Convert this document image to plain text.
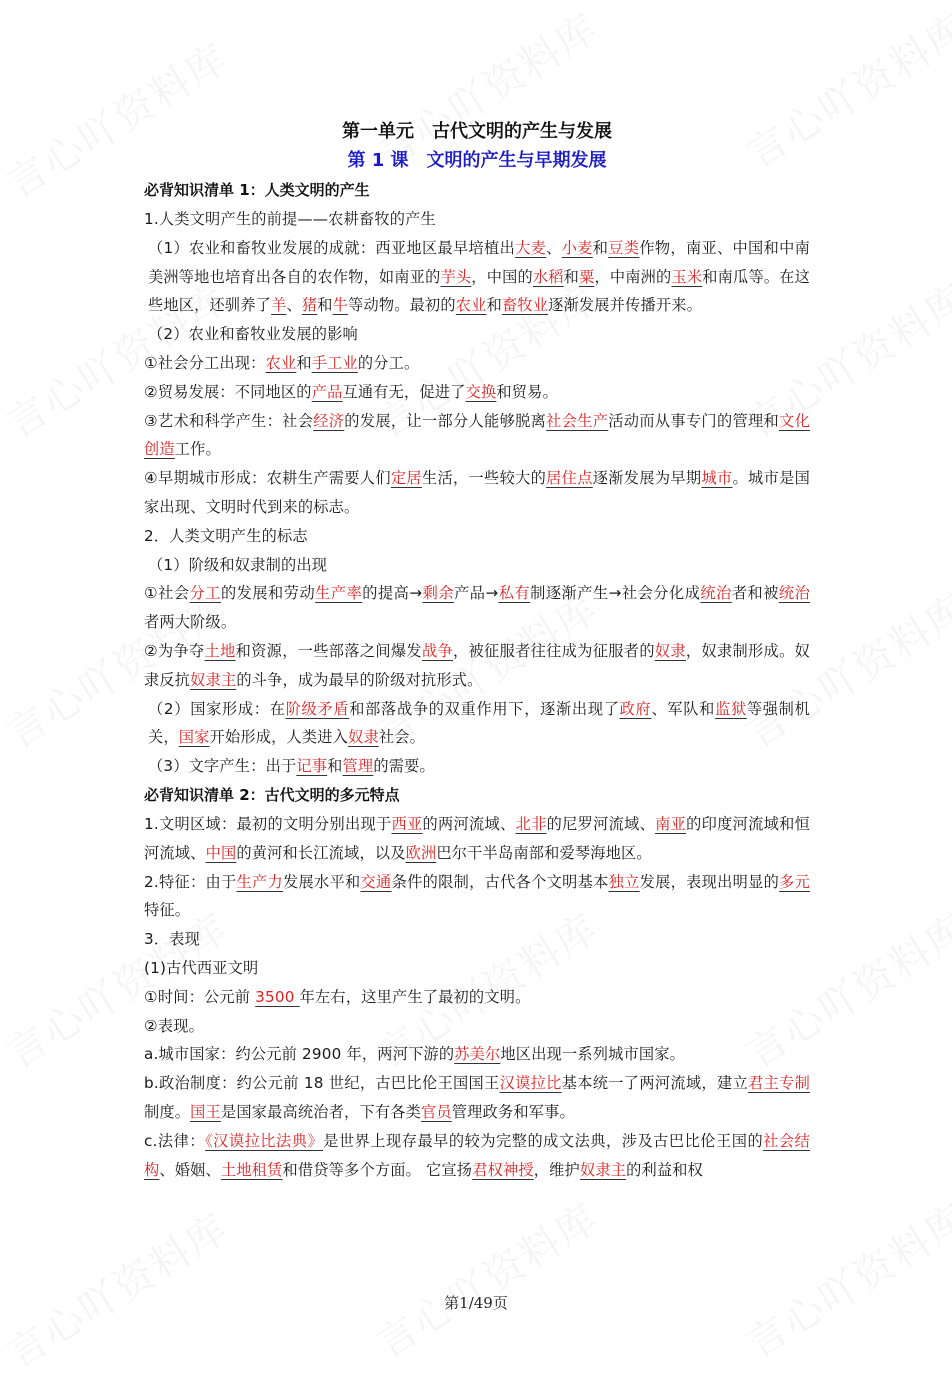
第一单元　古代文明的产生与发展
第 1 课　文明的产生与早期发展
必背知识清单 1：人类文明的产生
1.人类文明产生的前提——农耕畜牧的产生
（1）农业和畜牧业发展的成就：西亚地区最早培植出大麦、小麦和豆类作物，南亚、中国和中南美洲等地也培育出各自的农作物，如南亚的芋头，中国的水稻和粟，中南洲的玉米和南瓜等。在这些地区，还驯养了羊、猪和牛等动物。最初的农业和畜牧业逐渐发展并传播开来。
（2）农业和畜牧业发展的影响
①社会分工出现：农业和手工业的分工。
②贸易发展：不同地区的产品互通有无，促进了交换和贸易。
③艺术和科学产生：社会经济的发展，让一部分人能够脱离社会生产活动而从事专门的管理和文化创造工作。
④早期城市形成：农耕生产需要人们定居生活，一些较大的居住点逐渐发展为早期城市。城市是国家出现、文明时代到来的标志。
2．人类文明产生的标志
（1）阶级和奴隶制的出现
①社会分工的发展和劳动生产率的提高→剩余产品→私有制逐渐产生→社会分化成统治者和被统治者两大阶级。
②为争夺土地和资源，一些部落之间爆发战争，被征服者往往成为征服者的奴隶，奴隶制形成。奴隶反抗奴隶主的斗争，成为最早的阶级对抗形式。
（2）国家形成：在阶级矛盾和部落战争的双重作用下，逐渐出现了政府、军队和监狱等强制机关，国家开始形成，人类进入奴隶社会。
（3）文字产生：出于记事和管理的需要。
必背知识清单 2：古代文明的多元特点
1.文明区域：最初的文明分别出现于西亚的两河流域、北非的尼罗河流域、南亚的印度河流域和恒河流域、中国的黄河和长江流域，以及欧洲巴尔干半岛南部和爱琴海地区。
2.特征：由于生产力发展水平和交通条件的限制，古代各个文明基本独立发展，表现出明显的多元特征。
3．表现
(1)古代西亚文明
①时间：公元前 3500 年左右，这里产生了最初的文明。
②表现。
a.城市国家：约公元前 2900 年，两河下游的苏美尔地区出现一系列城市国家。
b.政治制度：约公元前 18 世纪，古巴比伦王国国王汉谟拉比基本统一了两河流域，建立君主专制制度。国王是国家最高统治者，下有各类官员管理政务和军事。
c.法律：《汉谟拉比法典》是世界上现存最早的较为完整的成文法典，涉及古巴比伦王国的社会结构、婚姻、土地租赁和借贷等多个方面。 它宣扬君权神授，维护奴隶主的利益和权
第1/49页
